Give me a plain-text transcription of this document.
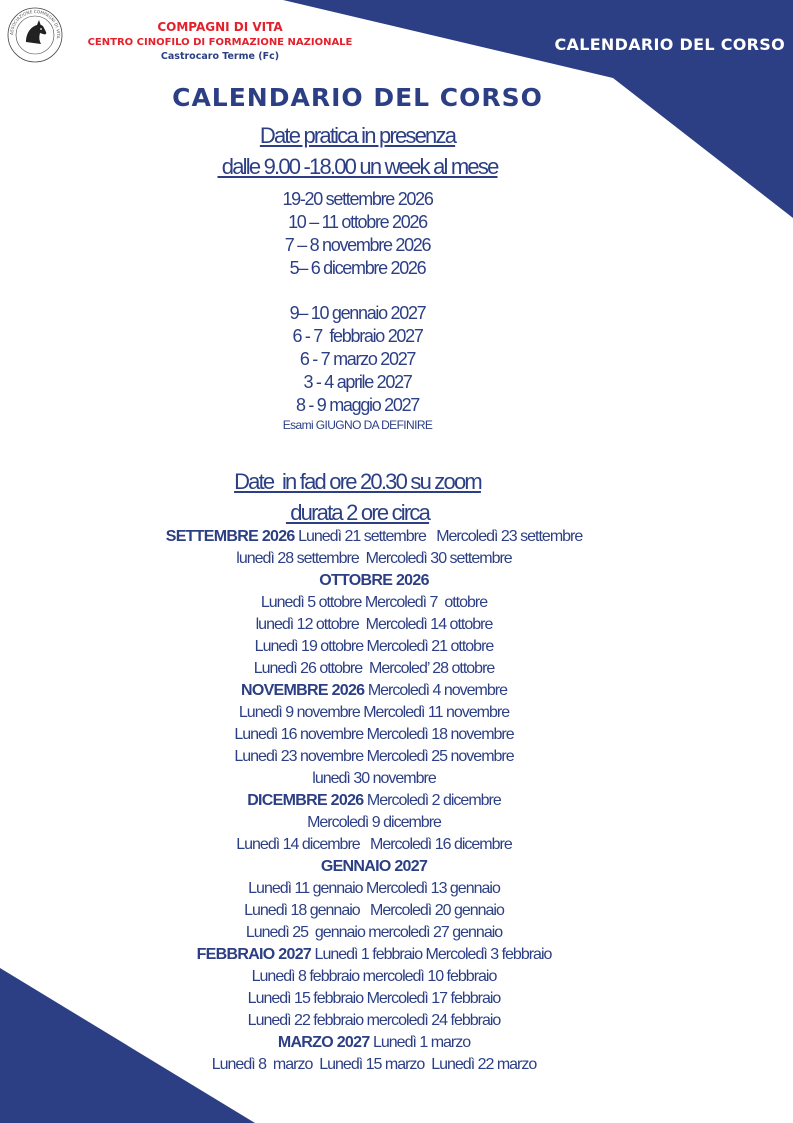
ASSOCIAZIONE COMPAGNI DI VITA
COMPAGNI DI VITA
CENTRO CINOFILO DI FORMAZIONE NAZIONALE
Castrocaro Terme (Fc)
CALENDARIO DEL CORSO
CALENDARIO DEL CORSO
Date pratica in presenza
dalle 9.00 -18.00 un week al mese
19-20 settembre 2026
10 – 11 ottobre 2026
7 – 8 novembre 2026
5– 6 dicembre 2026
9– 10 gennaio 2027
6 - 7  febbraio 2027
6 - 7 marzo 2027
3 - 4 aprile 2027
8 - 9 maggio 2027
Esami GIUGNO DA DEFINIRE
Date  in fad ore 20.30 su zoom
durata 2 ore circa
SETTEMBRE 2026 Lunedì 21 settembre   Mercoledì 23 settembre
lunedì 28 settembre  Mercoledì 30 settembre
OTTOBRE 2026
Lunedì 5 ottobre Mercoledì 7  ottobre
lunedì 12 ottobre  Mercoledì 14 ottobre
Lunedì 19 ottobre Mercoledì 21 ottobre
Lunedì 26 ottobre  Mercoled’ 28 ottobre
NOVEMBRE 2026 Mercoledì 4 novembre
Lunedì 9 novembre Mercoledì 11 novembre
Lunedì 16 novembre Mercoledì 18 novembre
Lunedì 23 novembre Mercoledì 25 novembre
lunedì 30 novembre
DICEMBRE 2026 Mercoledì 2 dicembre
Mercoledì 9 dicembre
Lunedì 14 dicembre   Mercoledì 16 dicembre
GENNAIO 2027
Lunedì 11 gennaio Mercoledì 13 gennaio
Lunedì 18 gennaio   Mercoledì 20 gennaio
Lunedì 25  gennaio mercoledì 27 gennaio
FEBBRAIO 2027 Lunedì 1 febbraio Mercoledì 3 febbraio
Lunedì 8 febbraio mercoledì 10 febbraio
Lunedì 15 febbraio Mercoledì 17 febbraio
Lunedì 22 febbraio mercoledì 24 febbraio
MARZO 2027 Lunedì 1 marzo
Lunedì 8  marzo  Lunedì 15 marzo  Lunedì 22 marzo
